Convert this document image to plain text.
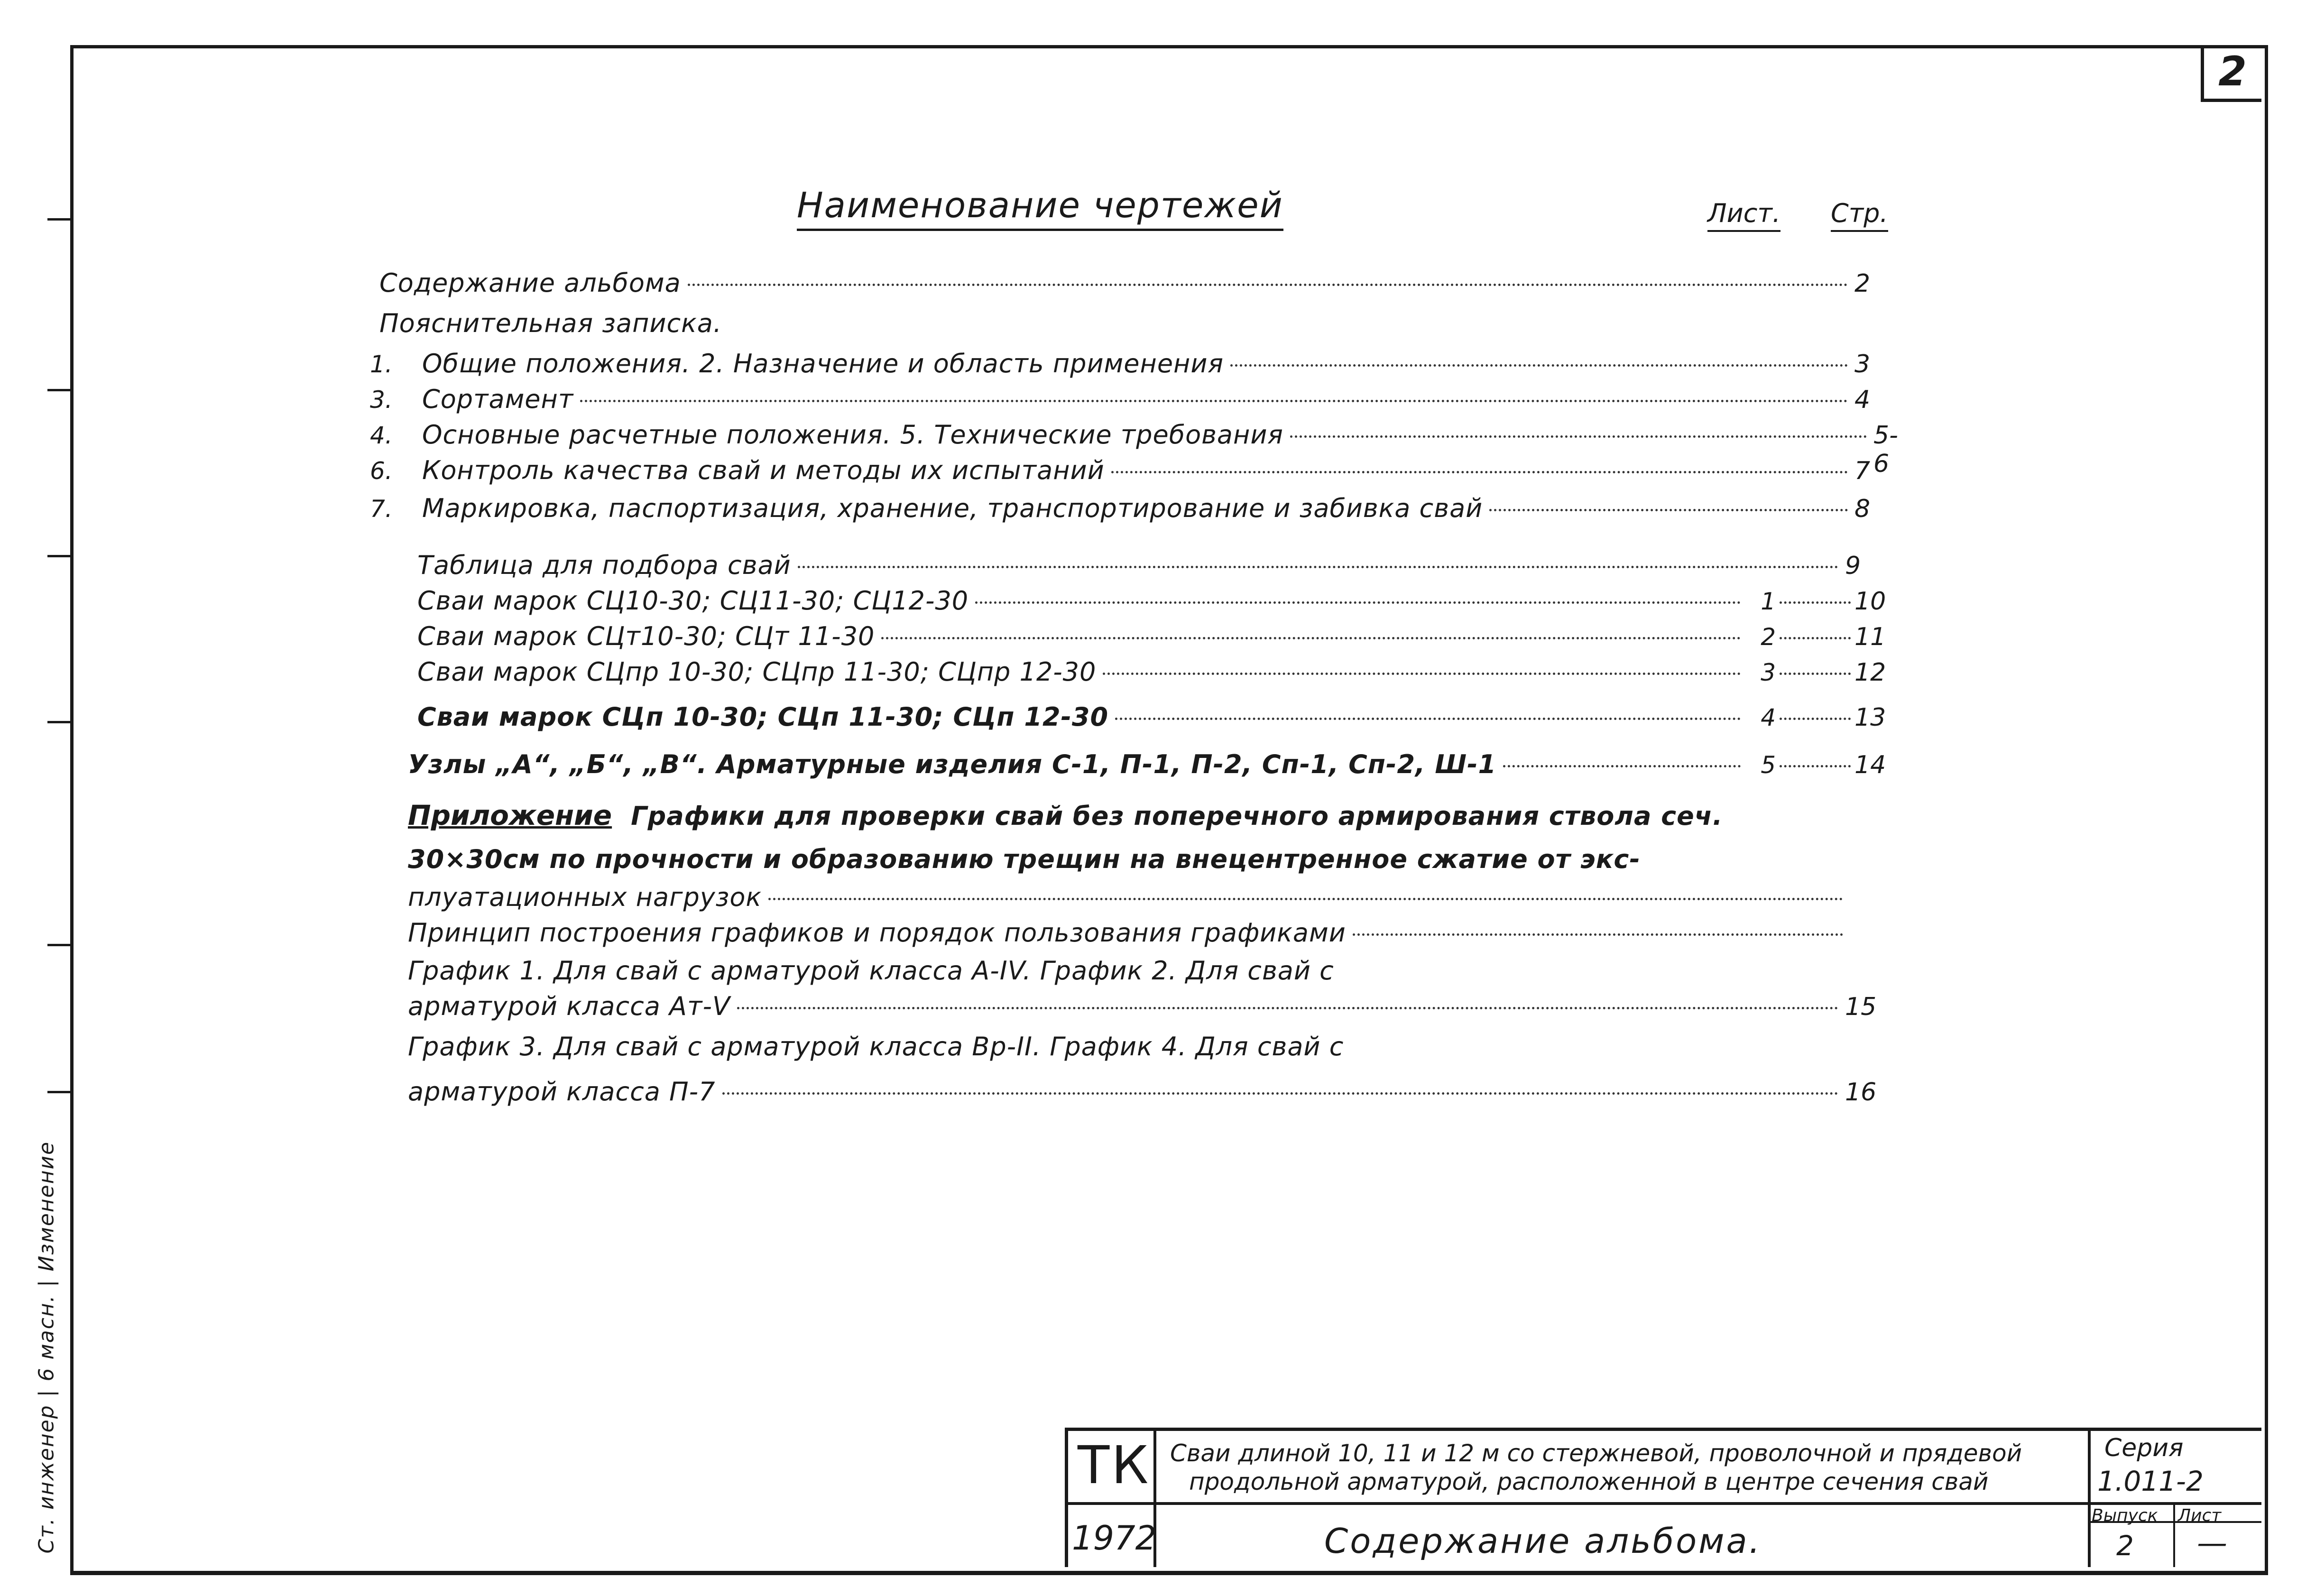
Ст. инженер | 6 масн. | Изменение
2
Наименование чертежей	Лист. Стр.
Содержание альбома	2
Пояснительная записка.
1.	Общие положения. 2. Назначение и область применения	3
3.	Сортамент	4
4.	Основные расчетные положения. 5. Технические требования	5-6
6.	Контроль качества свай и методы их испытаний	7
7.	Маркировка, паспортизация, хранение, транспортирование и забивка свай	8
Таблица для подбора свай	9
Сваи марок СЦ10-30; СЦ11-30; СЦ12-30	1	10
Сваи марок СЦт10-30; СЦт 11-30	2	11
Сваи марок СЦпр 10-30; СЦпр 11-30; СЦпр 12-30	3	12
Сваи марок СЦп 10-30; СЦп 11-30; СЦп 12-30	4	13
Узлы „А“, „Б“, „В“. Арматурные изделия С-1, П-1, П-2, Сп-1, Сп-2, Ш-1	5	14
Приложение Графики для проверки свай без поперечного армирования ствола сеч.
30×30см по прочности и образованию трещин на внецентренное сжатие от экс-
плуатационных нагрузок
Принцип построения графиков и порядок пользования графиками
График 1. Для свай с арматурой класса А-IV. График 2. Для свай с
арматурой класса Ат-V	15
График 3. Для свай с арматурой класса Вр-II. График 4. Для свай с
арматурой класса П-7	16
ТК
1972
Сваи длиной 10, 11 и 12 м со стержневой, проволочной и прядевой
продольной арматурой, расположенной в центре сечения свай
Содержание альбома.
Серия
1.011-2
Выпуск Лист
2 —
